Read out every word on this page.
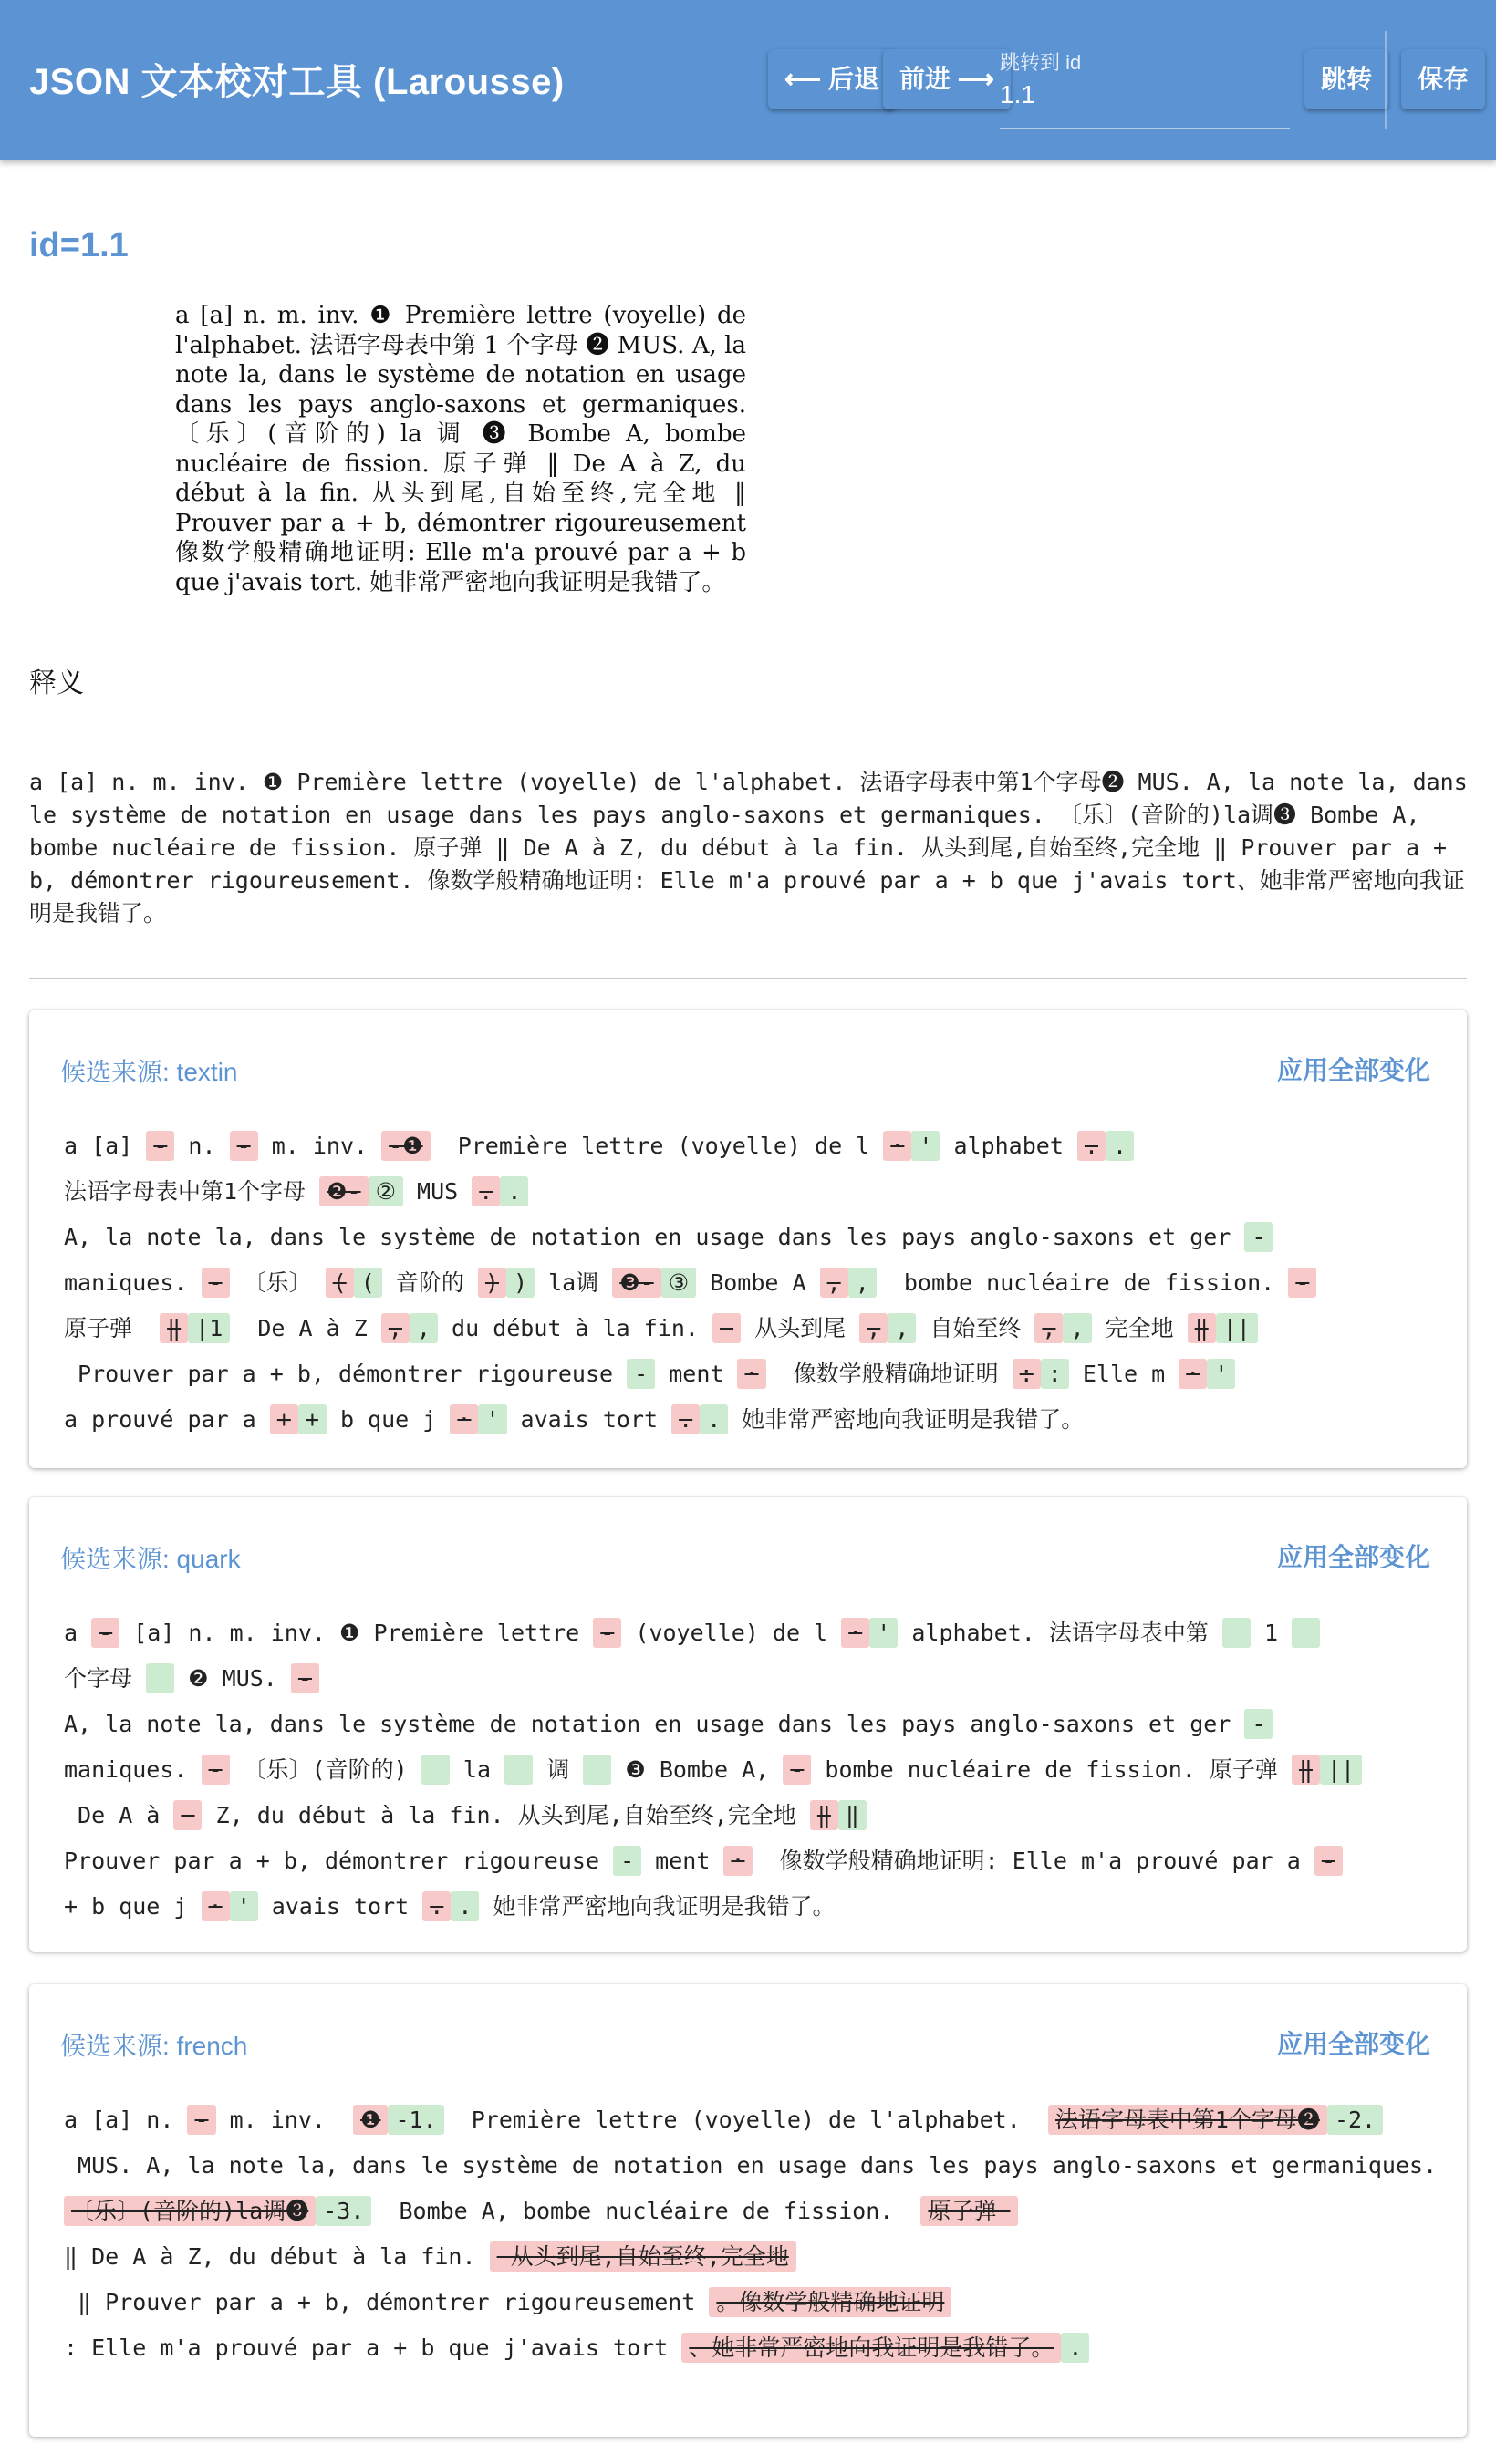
JSON 文本校对工具 (Larousse)	⟵ 后退 前进 ⟶
跳转到 id
1.1
跳转	保存
id=1.1
a [a] n. m. inv. ❶ Première lettre (voyelle) de l'alphabet. 法语字母表中第 1 个字母 ❷ MUS. A, la note la, dans le système de notation en usage dans les pays anglo-saxons et germaniques. 〔乐〕(音阶的) la 调 ❸ Bombe A, bombe nucléaire de fission. 原子弹 ‖ De A à Z, du début à la fin. 从头到尾,自始至终,完全地 ‖ Prouver par a + b, démontrer rigoureusement 像数学般精确地证明: Elle m'a prouvé par a + b que j'avais tort. 她非常严密地向我证明是我错了。
释义
a [a] n. m. inv. ❶ Première lettre (voyelle) de l'alphabet. 法语字母表中第1个字母❷ MUS. A, la note la, dans le système de notation en usage dans les pays anglo-saxons et germaniques. 〔乐〕(音阶的)la调❸ Bombe A, bombe nucléaire de fission. 原子弹 ‖ De A à Z, du début à la fin. 从头到尾,自始至终,完全地 ‖ Prouver par a + b, démontrer rigoureusement. 像数学般精确地证明: Elle m'a prouvé par a + b que j'avais tort、她非常严密地向我证明是我错了。
候选来源: textin	应用全部变化
a [a] - n. - m. inv. -❶  Première lettre (voyelle) de l · ' alphabet . .
法语字母表中第1个字母 ❷- ② MUS . .
A, la note la, dans le système de notation en usage dans les pays anglo-saxons et ger -
maniques. - 〔乐〕 ( ( 音阶的 ) ) la调 ❸- ③ Bombe A , ,  bombe nucléaire de fission. -
原子弹  ‖ |1  De A à Z , , du début à la fin. - 从头到尾 , , 自始至终 , , 完全地 ‖ ||
Prouver par a + b, démontrer rigoureuse - ment ·  像数学般精确地证明 : : Elle m · '
a prouvé par a + + b que j · ' avais tort . . 她非常严密地向我证明是我错了。
候选来源: quark	应用全部变化
a - [a] n. m. inv. ❶ Première lettre - (voyelle) de l · ' alphabet. 法语字母表中第   1
个字母   ❷ MUS. -
A, la note la, dans le système de notation en usage dans les pays anglo-saxons et ger -
maniques. - 〔乐〕(音阶的)   la   调   ❸ Bombe A, - bombe nucléaire de fission. 原子弹 ‖ ||
De A à - Z, du début à la fin. 从头到尾,自始至终,完全地 ‖ ‖
Prouver par a + b, démontrer rigoureuse - ment ·  像数学般精确地证明: Elle m'a prouvé par a -
+ b que j · ' avais tort . . 她非常严密地向我证明是我错了。
候选来源: french	应用全部变化
a [a] n. - m. inv.  ❶ -1.  Première lettre (voyelle) de l'alphabet.  法语字母表中第1个字母❷ -2.
MUS. A, la note la, dans le système de notation en usage dans les pays anglo-saxons et germaniques.
〔乐〕(音阶的)la调❸ -3.  Bombe A, bombe nucléaire de fission.  原子弹
‖ De A à Z, du début à la fin.  从头到尾,自始至终,完全地
‖ Prouver par a + b, démontrer rigoureusement 。像数学般精确地证明
: Elle m'a prouvé par a + b que j'avais tort 、她非常严密地向我证明是我错了。 .
